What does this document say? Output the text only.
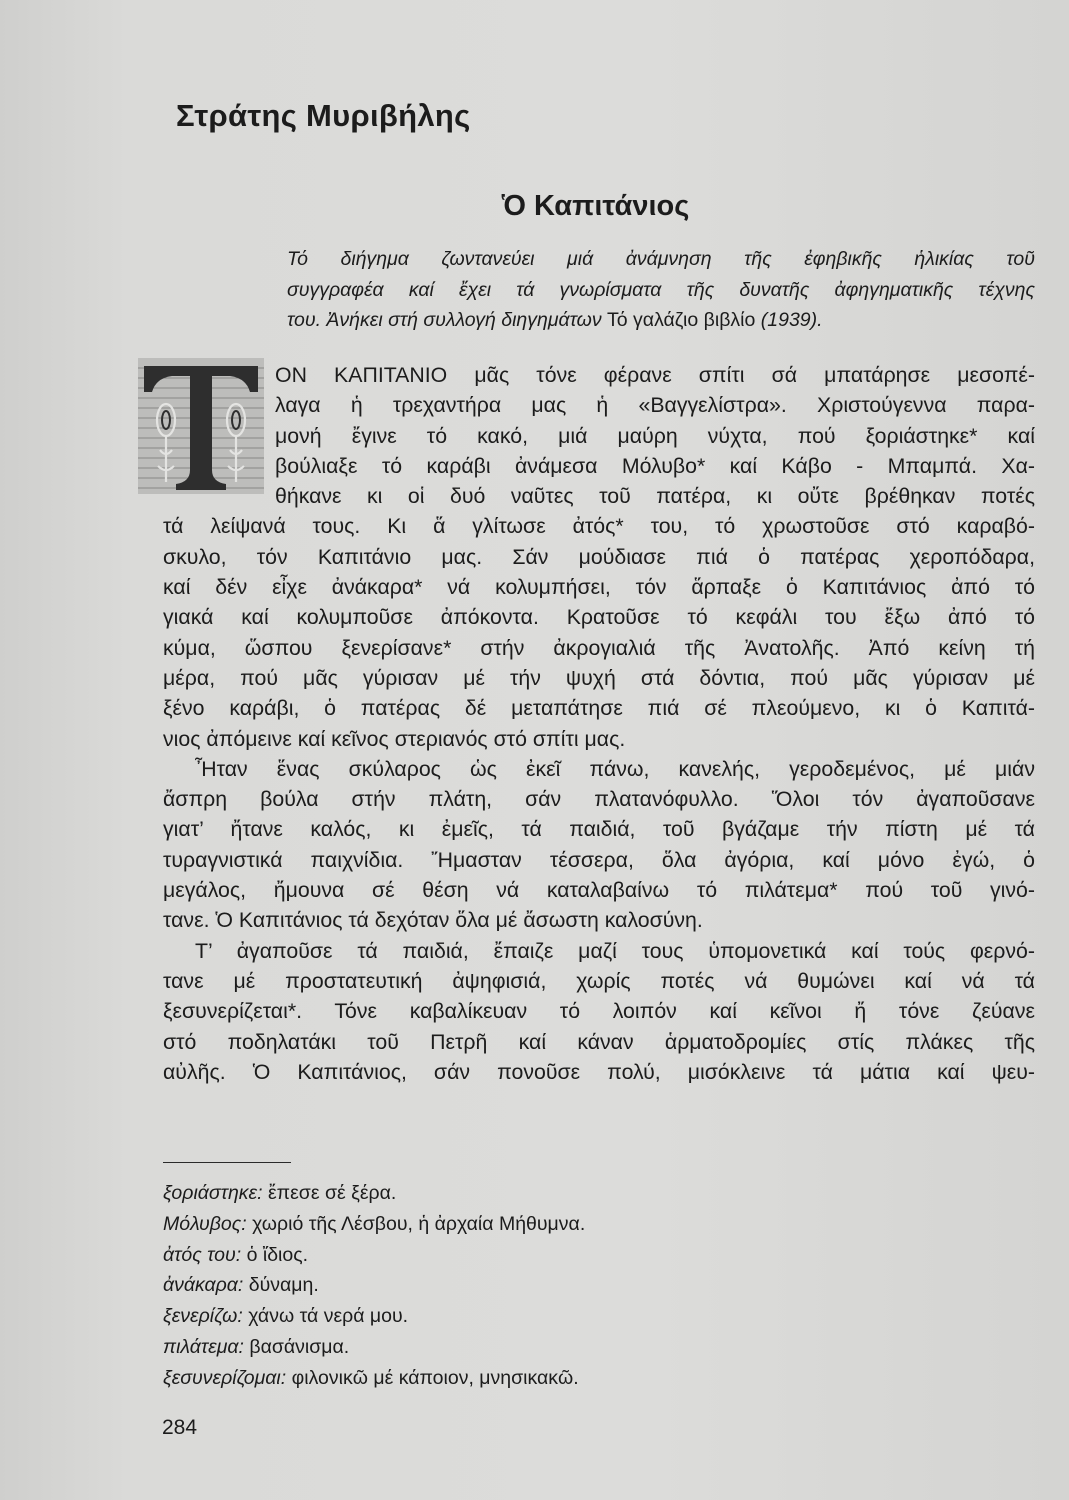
Στράτης Μυριβήλης
Ὁ Καπιτάνιος
Τό διήγημα ζωντανεύει μιά ἀνάμνηση τῆς ἐφηβικῆς ἡλικίας τοῦ
συγγραφέα καί ἔχει τά γνωρίσματα τῆς δυνατῆς ἀφηγηματικῆς τέχνης
του. Ἀνήκει στή συλλογή διηγημάτων Τό γαλάζιο βιβλίο (1939).

ΟΝ ΚΑΠΙΤΑΝΙΟ μᾶς τόνε φέρανε σπίτι σά μπατάρησε μεσοπέ-
λαγα ἡ τρεχαντήρα μας ἡ «Βαγγελίστρα». Χριστούγεννα παρα-
μονή ἔγινε τό κακό, μιά μαύρη νύχτα, πού ξοριάστηκε* καί
βούλιαξε τό καράβι ἀνάμεσα Μόλυβο* καί Κάβο - Μπαμπά. Χα-
θήκανε κι οἱ δυό ναῦτες τοῦ πατέρα, κι οὔτε βρέθηκαν ποτές
τά λείψανά τους. Κι ἅ γλίτωσε ἀτός* του, τό χρωστοῦσε στό καραβό-
σκυλο, τόν Καπιτάνιο μας. Σάν μούδιασε πιά ὁ πατέρας χεροπόδαρα,
καί δέν εἶχε ἀνάκαρα* νά κολυμπήσει, τόν ἅρπαξε ὁ Καπιτάνιος ἀπό τό
γιακά καί κολυμποῦσε ἀπόκοντα. Κρατοῦσε τό κεφάλι του ἔξω ἀπό τό
κύμα, ὥσπου ξενερίσανε* στήν ἀκρογιαλιά τῆς Ἀνατολῆς. Ἀπό κείνη τή
μέρα, πού μᾶς γύρισαν μέ τήν ψυχή στά δόντια, πού μᾶς γύρισαν μέ
ξένο καράβι, ὁ πατέρας δέ μεταπάτησε πιά σέ πλεούμενο, κι ὁ Καπιτά-
νιος ἀπόμεινε καί κεῖνος στεριανός στό σπίτι μας.

Ἦταν ἕνας σκύλαρος ὡς ἐκεῖ πάνω, κανελής, γεροδεμένος, μέ μιάν
ἄσπρη βούλα στήν πλάτη, σάν πλατανόφυλλο. Ὅλοι τόν ἀγαποῦσανε
γιατ’ ἤτανε καλός, κι ἐμεῖς, τά παιδιά, τοῦ βγάζαμε τήν πίστη μέ τά
τυραγνιστικά παιχνίδια. Ἤμασταν τέσσερα, ὅλα ἀγόρια, καί μόνο ἐγώ, ὁ
μεγάλος, ἤμουνα σέ θέση νά καταλαβαίνω τό πιλάτεμα* πού τοῦ γινό-
τανε. Ὁ Καπιτάνιος τά δεχόταν ὅλα μέ ἄσωστη καλοσύνη.

Τ’ ἀγαποῦσε τά παιδιά, ἔπαιζε μαζί τους ὑπομονετικά καί τούς φερνό-
τανε μέ προστατευτική ἀψηφισιά, χωρίς ποτές νά θυμώνει καί νά τά
ξεσυνερίζεται*. Τόνε καβαλίκευαν τό λοιπόν καί κεῖνοι ἤ τόνε ζεύανε
στό ποδηλατάκι τοῦ Πετρῆ καί κάναν ἁρματοδρομίες στίς πλάκες τῆς
αὐλῆς. Ὁ Καπιτάνιος, σάν πονοῦσε πολύ, μισόκλεινε τά μάτια καί ψευ-

ξοριάστηκε: ἔπεσε σέ ξέρα.
Μόλυβος: χωριό τῆς Λέσβου, ἡ ἀρχαία Μήθυμνα.
ἀτός του: ὁ ἴδιος.
ἀνάκαρα: δύναμη.
ξενερίζω: χάνω τά νερά μου.
πιλάτεμα: βασάνισμα.
ξεσυνερίζομαι: φιλονικῶ μέ κάποιον, μνησικακῶ.

284
